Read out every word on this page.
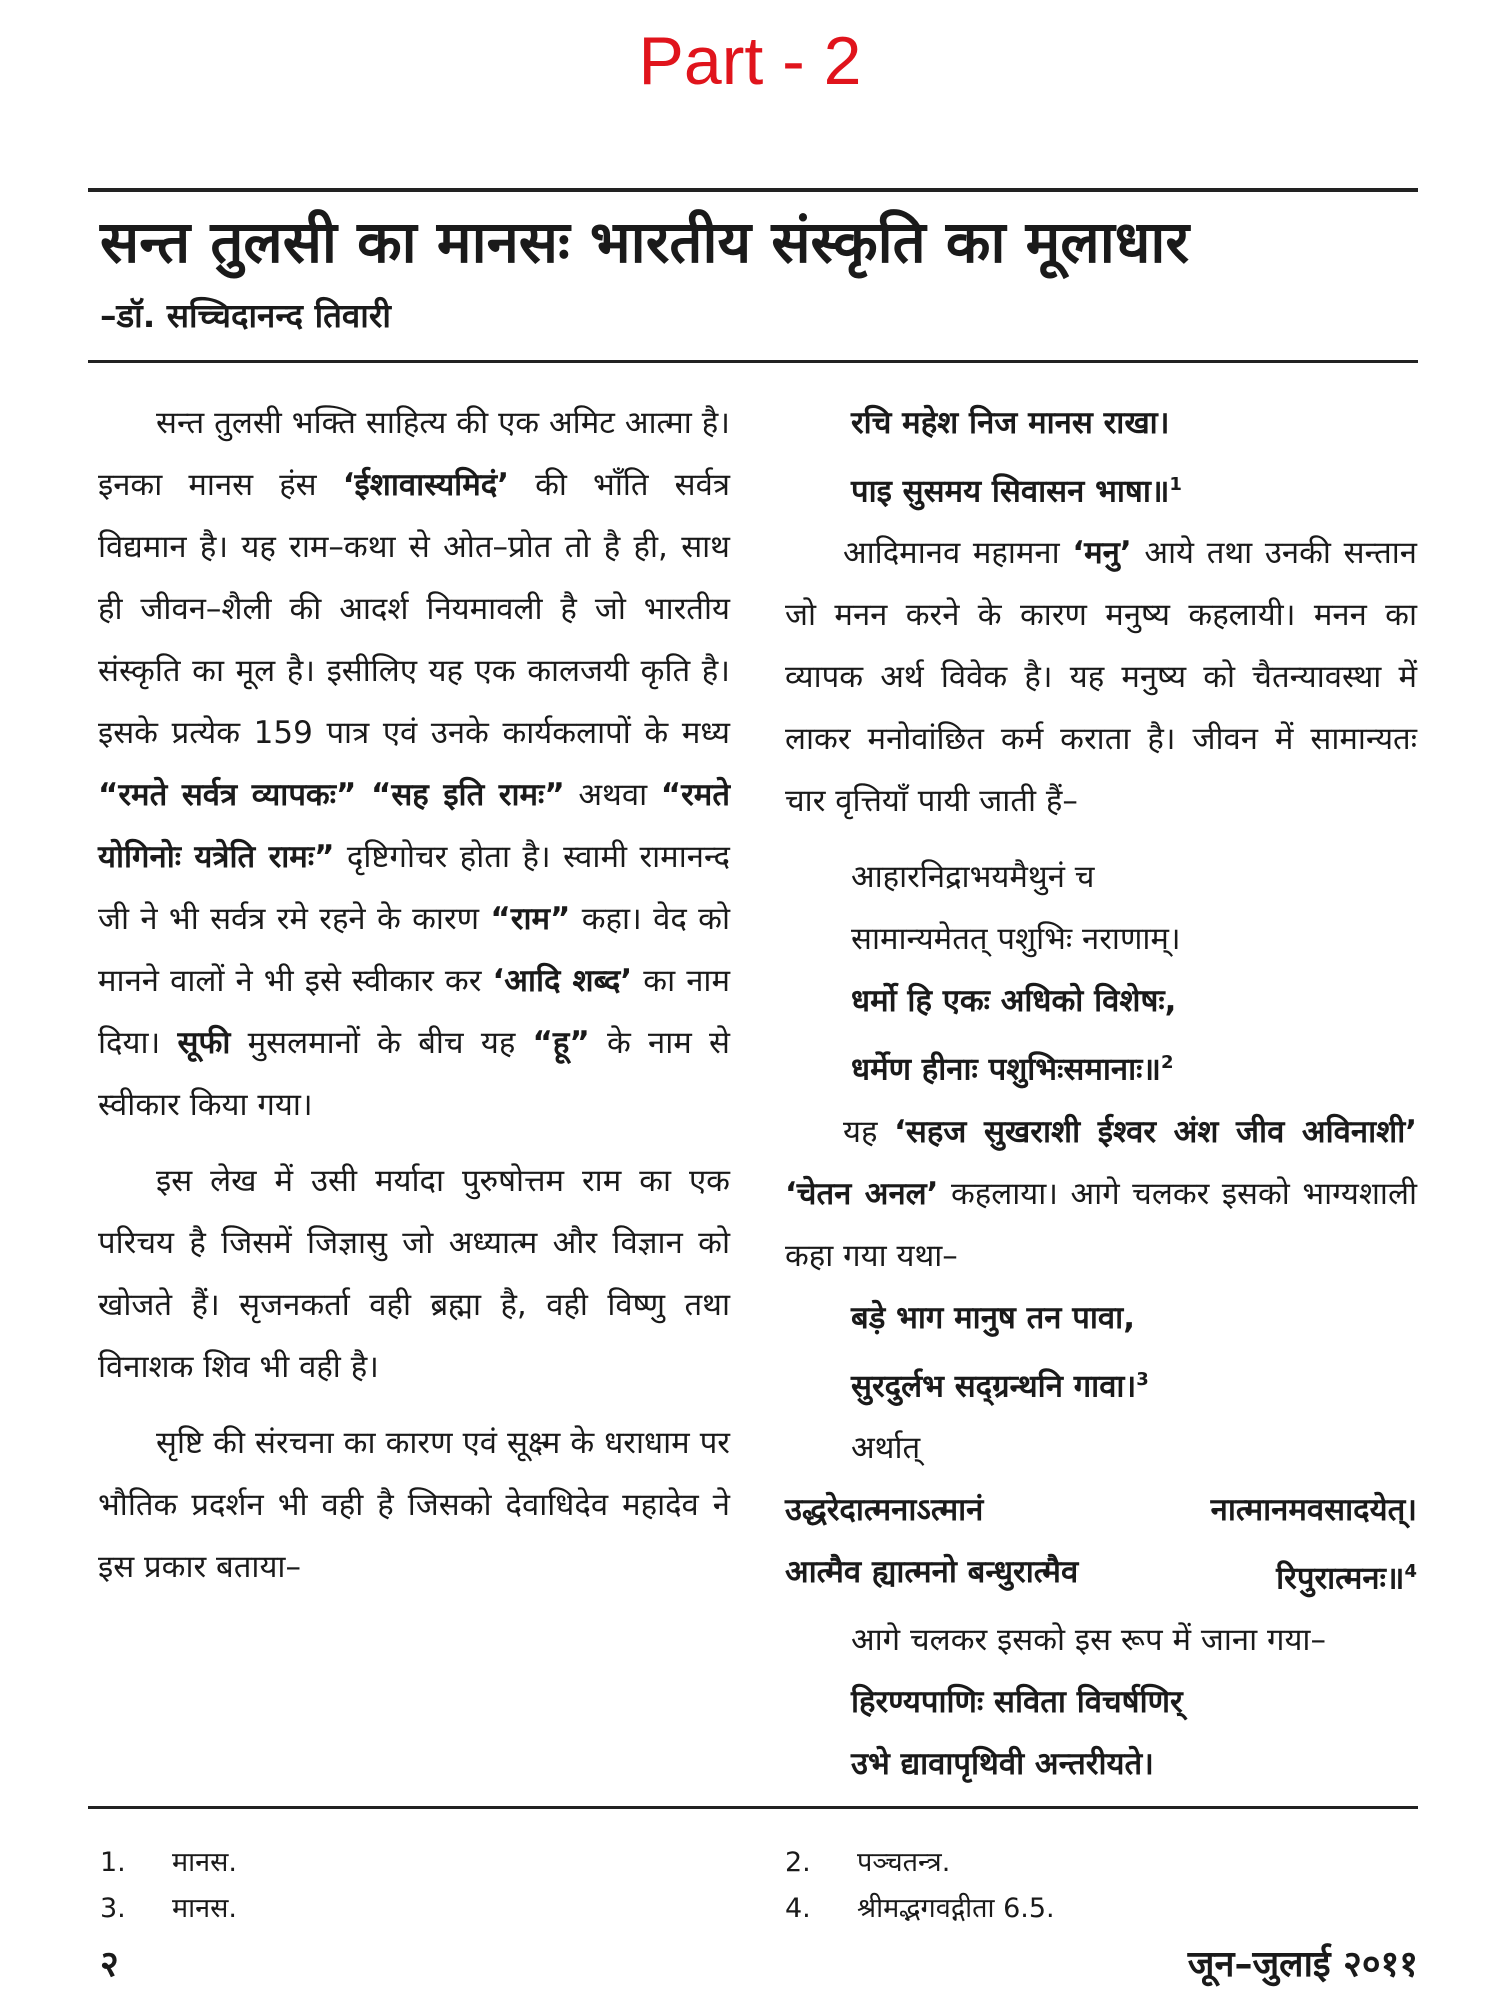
Part - 2
सन्त तुलसी का मानसः भारतीय संस्कृति का मूलाधार
–डॉ. सच्चिदानन्द तिवारी

सन्त तुलसी भक्ति साहित्य की एक अमिट आत्मा है। इनका मानस हंस ‘ईशावास्यमिदं’ की भाँति सर्वत्र विद्यमान है। यह राम–कथा से ओत–प्रोत तो है ही, साथ ही जीवन–शैली की आदर्श नियमावली है जो भारतीय संस्कृति का मूल है। इसीलिए यह एक कालजयी कृति है। इसके प्रत्येक 159 पात्र एवं उनके कार्यकलापों के मध्य “रमते सर्वत्र व्यापकः” “सह इति रामः” अथवा “रमते योगिनोः यत्रेति रामः” दृष्टिगोचर होता है। स्वामी रामानन्द जी ने भी सर्वत्र रमे रहने के कारण “राम” कहा। वेद को मानने वालों ने भी इसे स्वीकार कर ‘आदि शब्द’ का नाम दिया। सूफी मुसलमानों के बीच यह “हू” के नाम से स्वीकार किया गया।

इस लेख में उसी मर्यादा पुरुषोत्तम राम का एक परिचय है जिसमें जिज्ञासु जो अध्यात्म और विज्ञान को खोजते हैं। सृजनकर्ता वही ब्रह्मा है, वही विष्णु तथा विनाशक शिव भी वही है।

सृष्टि की संरचना का कारण एवं सूक्ष्म के धराधाम पर भौतिक प्रदर्शन भी वही है जिसको देवाधिदेव महादेव ने इस प्रकार बताया–

रचि महेश निज मानस राखा।

पाइ सुसमय सिवासन भाषा॥$^1$

आदिमानव महामना ‘मनु’ आये तथा उनकी सन्तान जो मनन करने के कारण मनुष्य कहलायी। मनन का व्यापक अर्थ विवेक है। यह मनुष्य को चैतन्यावस्था में लाकर मनोवांछित कर्म कराता है। जीवन में सामान्यतः चार वृत्तियाँ पायी जाती हैं–

आहारनिद्राभयमैथुनं च

सामान्यमेतत् पशुभिः नराणाम्।

धर्मो हि एकः अधिको विशेषः,

धर्मेण हीनाः पशुभिःसमानाः॥$^2$

यह ‘सहज सुखराशी ईश्वर अंश जीव अविनाशी’ ‘चेतन अनल’ कहलाया। आगे चलकर इसको भाग्यशाली कहा गया यथा–

बड़े भाग मानुष तन पावा,

सुरदुर्लभ सद्ग्रन्थनि गावा।$^3$

अर्थात्

उद्धरेदात्मनाऽत्मानं	नात्मानमवसादयेत्।

आत्मैव ह्यात्मनो बन्धुरात्मैव	रिपुरात्मनः॥$^4$

आगे चलकर इसको इस रूप में जाना गया–

हिरण्यपाणिः सविता विचर्षणिर्

उभे द्यावापृथिवी अन्तरीयते।

1. मानस.	2. पञ्चतन्त्र.
3. मानस.	4. श्रीमद्भगवद्गीता 6.5.
२	जून–जुलाई २०११
